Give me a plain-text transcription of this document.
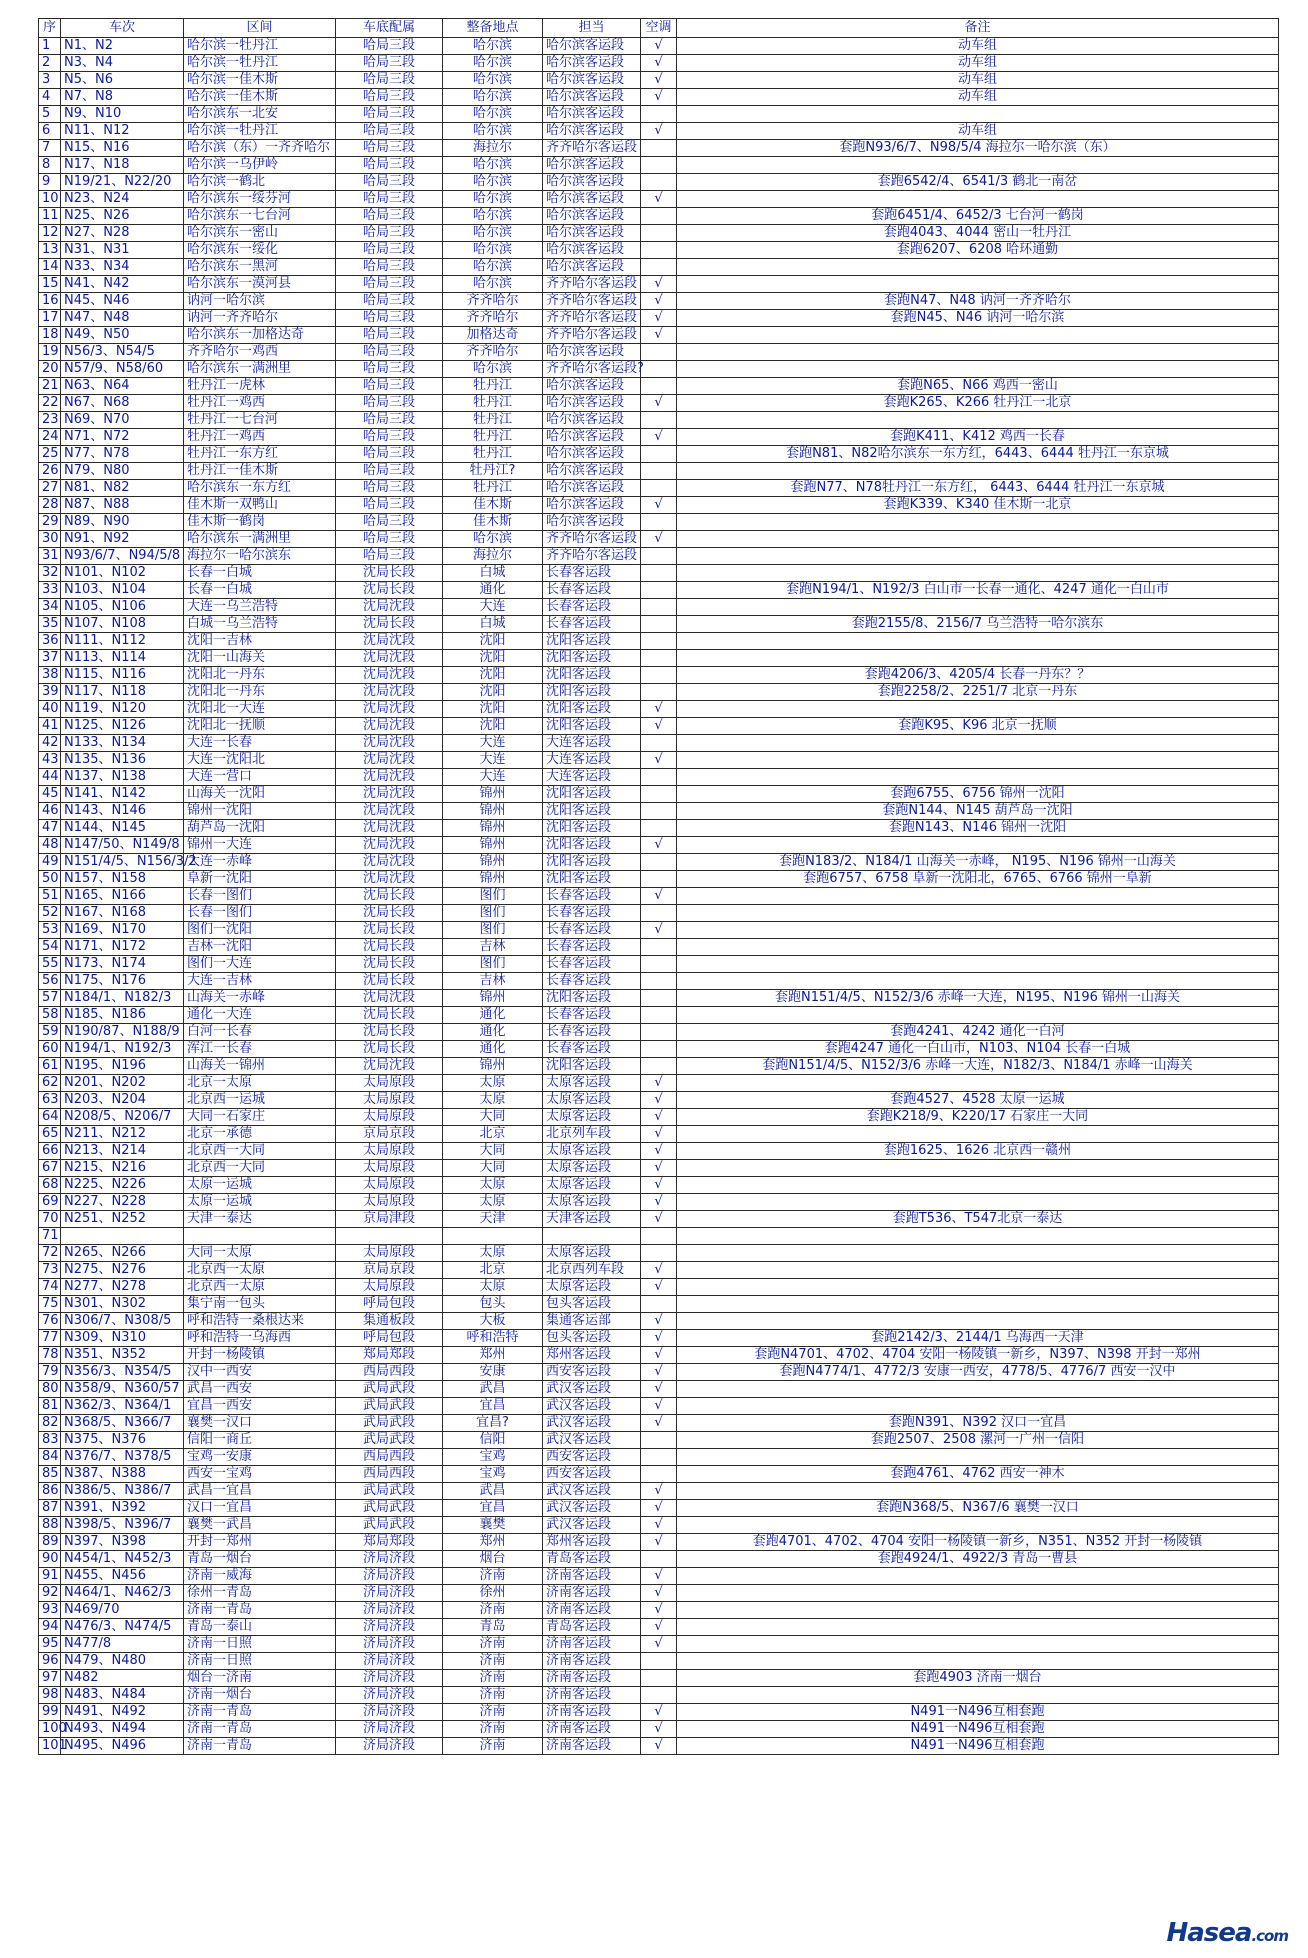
序	车次	区间	车底配属	整备地点	担当	空调	备注
1	N1、N2	哈尔滨一牡丹江	哈局三段	哈尔滨	哈尔滨客运段	√	动车组
2	N3、N4	哈尔滨一牡丹江	哈局三段	哈尔滨	哈尔滨客运段	√	动车组
3	N5、N6	哈尔滨一佳木斯	哈局三段	哈尔滨	哈尔滨客运段	√	动车组
4	N7、N8	哈尔滨一佳木斯	哈局三段	哈尔滨	哈尔滨客运段	√	动车组
5	N9、N10	哈尔滨东一北安	哈局三段	哈尔滨	哈尔滨客运段		
6	N11、N12	哈尔滨一牡丹江	哈局三段	哈尔滨	哈尔滨客运段	√	动车组
7	N15、N16	哈尔滨（东）一齐齐哈尔	哈局三段	海拉尔	齐齐哈尔客运段		套跑N93/6/7、N98/5/4 海拉尔一哈尔滨（东）
8	N17、N18	哈尔滨一乌伊岭	哈局三段	哈尔滨	哈尔滨客运段		
9	N19/21、N22/20	哈尔滨一鹤北	哈局三段	哈尔滨	哈尔滨客运段		套跑6542/4、6541/3 鹤北一南岔
10	N23、N24	哈尔滨东一绥芬河	哈局三段	哈尔滨	哈尔滨客运段	√	
11	N25、N26	哈尔滨东一七台河	哈局三段	哈尔滨	哈尔滨客运段		套跑6451/4、6452/3 七台河一鹤岗
12	N27、N28	哈尔滨东一密山	哈局三段	哈尔滨	哈尔滨客运段		套跑4043、4044 密山一牡丹江
13	N31、N31	哈尔滨东一绥化	哈局三段	哈尔滨	哈尔滨客运段		套跑6207、6208 哈环通勤
14	N33、N34	哈尔滨东一黑河	哈局三段	哈尔滨	哈尔滨客运段		
15	N41、N42	哈尔滨东一漠河县	哈局三段	哈尔滨	齐齐哈尔客运段	√	
16	N45、N46	讷河一哈尔滨	哈局三段	齐齐哈尔	齐齐哈尔客运段	√	套跑N47、N48 讷河一齐齐哈尔
17	N47、N48	讷河一齐齐哈尔	哈局三段	齐齐哈尔	齐齐哈尔客运段	√	套跑N45、N46 讷河一哈尔滨
18	N49、N50	哈尔滨东一加格达奇	哈局三段	加格达奇	齐齐哈尔客运段	√	
19	N56/3、N54/5	齐齐哈尔一鸡西	哈局三段	齐齐哈尔	哈尔滨客运段		
20	N57/9、N58/60	哈尔滨东一满洲里	哈局三段	哈尔滨	齐齐哈尔客运段?		
21	N63、N64	牡丹江一虎林	哈局三段	牡丹江	哈尔滨客运段		套跑N65、N66 鸡西一密山
22	N67、N68	牡丹江一鸡西	哈局三段	牡丹江	哈尔滨客运段	√	套跑K265、K266 牡丹江一北京
23	N69、N70	牡丹江一七台河	哈局三段	牡丹江	哈尔滨客运段		
24	N71、N72	牡丹江一鸡西	哈局三段	牡丹江	哈尔滨客运段	√	套跑K411、K412 鸡西一长春
25	N77、N78	牡丹江一东方红	哈局三段	牡丹江	哈尔滨客运段		套跑N81、N82哈尔滨东一东方红，6443、6444 牡丹江一东京城
26	N79、N80	牡丹江一佳木斯	哈局三段	牡丹江?	哈尔滨客运段		
27	N81、N82	哈尔滨东一东方红	哈局三段	牡丹江	哈尔滨客运段		套跑N77、N78牡丹江一东方红， 6443、6444 牡丹江一东京城
28	N87、N88	佳木斯一双鸭山	哈局三段	佳木斯	哈尔滨客运段	√	套跑K339、K340 佳木斯一北京
29	N89、N90	佳木斯一鹤岗	哈局三段	佳木斯	哈尔滨客运段		
30	N91、N92	哈尔滨东一满洲里	哈局三段	哈尔滨	齐齐哈尔客运段	√	
31	N93/6/7、N94/5/8	海拉尔一哈尔滨东	哈局三段	海拉尔	齐齐哈尔客运段		
32	N101、N102	长春一白城	沈局长段	白城	长春客运段		
33	N103、N104	长春一白城	沈局长段	通化	长春客运段		套跑N194/1、N192/3 白山市一长春一通化、4247 通化一白山市
34	N105、N106	大连一乌兰浩特	沈局沈段	大连	长春客运段		
35	N107、N108	白城一乌兰浩特	沈局长段	白城	长春客运段		套跑2155/8、2156/7 乌兰浩特一哈尔滨东
36	N111、N112	沈阳一吉林	沈局沈段	沈阳	沈阳客运段		
37	N113、N114	沈阳一山海关	沈局沈段	沈阳	沈阳客运段		
38	N115、N116	沈阳北一丹东	沈局沈段	沈阳	沈阳客运段		套跑4206/3、4205/4 长春一丹东？？
39	N117、N118	沈阳北一丹东	沈局沈段	沈阳	沈阳客运段		套跑2258/2、2251/7 北京一丹东
40	N119、N120	沈阳北一大连	沈局沈段	沈阳	沈阳客运段	√	
41	N125、N126	沈阳北一抚顺	沈局沈段	沈阳	沈阳客运段	√	套跑K95、K96 北京一抚顺
42	N133、N134	大连一长春	沈局沈段	大连	大连客运段		
43	N135、N136	大连一沈阳北	沈局沈段	大连	大连客运段	√	
44	N137、N138	大连一营口	沈局沈段	大连	大连客运段		
45	N141、N142	山海关一沈阳	沈局沈段	锦州	沈阳客运段		套跑6755、6756 锦州一沈阳
46	N143、N146	锦州一沈阳	沈局沈段	锦州	沈阳客运段		套跑N144、N145 葫芦岛一沈阳
47	N144、N145	葫芦岛一沈阳	沈局沈段	锦州	沈阳客运段		套跑N143、N146 锦州一沈阳
48	N147/50、N149/8	锦州一大连	沈局沈段	锦州	沈阳客运段	√	
49	N151/4/5、N156/3/2	大连一赤峰	沈局沈段	锦州	沈阳客运段		套跑N183/2、N184/1 山海关一赤峰， N195、N196 锦州一山海关
50	N157、N158	阜新一沈阳	沈局沈段	锦州	沈阳客运段		套跑6757、6758 阜新一沈阳北，6765、6766 锦州一阜新
51	N165、N166	长春一图们	沈局长段	图们	长春客运段	√	
52	N167、N168	长春一图们	沈局长段	图们	长春客运段		
53	N169、N170	图们一沈阳	沈局长段	图们	长春客运段	√	
54	N171、N172	吉林一沈阳	沈局长段	吉林	长春客运段		
55	N173、N174	图们一大连	沈局长段	图们	长春客运段		
56	N175、N176	大连一吉林	沈局长段	吉林	长春客运段		
57	N184/1、N182/3	山海关一赤峰	沈局沈段	锦州	沈阳客运段		套跑N151/4/5、N152/3/6 赤峰一大连，N195、N196 锦州一山海关
58	N185、N186	通化一大连	沈局长段	通化	长春客运段		
59	N190/87、N188/9	白河一长春	沈局长段	通化	长春客运段		套跑4241、4242 通化一白河
60	N194/1、N192/3	浑江一长春	沈局长段	通化	长春客运段		套跑4247 通化一白山市，N103、N104 长春一白城
61	N195、N196	山海关一锦州	沈局沈段	锦州	沈阳客运段		套跑N151/4/5、N152/3/6 赤峰一大连，N182/3、N184/1 赤峰一山海关
62	N201、N202	北京一太原	太局原段	太原	太原客运段	√	
63	N203、N204	北京西一运城	太局原段	太原	太原客运段	√	套跑4527、4528 太原一运城
64	N208/5、N206/7	大同一石家庄	太局原段	大同	太原客运段	√	套跑K218/9、K220/17 石家庄一大同
65	N211、N212	北京一承德	京局京段	北京	北京列车段	√	
66	N213、N214	北京西一大同	太局原段	大同	太原客运段	√	套跑1625、1626 北京西一赣州
67	N215、N216	北京西一大同	太局原段	大同	太原客运段	√	
68	N225、N226	太原一运城	太局原段	太原	太原客运段	√	
69	N227、N228	太原一运城	太局原段	太原	太原客运段	√	
70	N251、N252	天津一泰达	京局津段	天津	天津客运段	√	套跑T536、T547北京一泰达
71							
72	N265、N266	大同一太原	太局原段	太原	太原客运段		
73	N275、N276	北京西一太原	京局京段	北京	北京西列车段	√	
74	N277、N278	北京西一太原	太局原段	太原	太原客运段	√	
75	N301、N302	集宁南一包头	呼局包段	包头	包头客运段		
76	N306/7、N308/5	呼和浩特一桑根达来	集通板段	大板	集通客运部	√	
77	N309、N310	呼和浩特一乌海西	呼局包段	呼和浩特	包头客运段	√	套跑2142/3、2144/1 乌海西一天津
78	N351、N352	开封一杨陵镇	郑局郑段	郑州	郑州客运段	√	套跑N4701、4702、4704 安阳一杨陵镇一新乡，N397、N398 开封一郑州
79	N356/3、N354/5	汉中一西安	西局西段	安康	西安客运段	√	套跑N4774/1、4772/3 安康一西安，4778/5、4776/7 西安一汉中
80	N358/9、N360/57	武昌一西安	武局武段	武昌	武汉客运段	√	
81	N362/3、N364/1	宜昌一西安	武局武段	宜昌	武汉客运段	√	
82	N368/5、N366/7	襄樊一汉口	武局武段	宜昌?	武汉客运段	√	套跑N391、N392 汉口一宜昌
83	N375、N376	信阳一商丘	武局武段	信阳	武汉客运段		套跑2507、2508 漯河一广州一信阳
84	N376/7、N378/5	宝鸡一安康	西局西段	宝鸡	西安客运段		
85	N387、N388	西安一宝鸡	西局西段	宝鸡	西安客运段		套跑4761、4762 西安一神木
86	N386/5、N386/7	武昌一宜昌	武局武段	武昌	武汉客运段	√	
87	N391、N392	汉口一宜昌	武局武段	宜昌	武汉客运段	√	套跑N368/5、N367/6 襄樊一汉口
88	N398/5、N396/7	襄樊一武昌	武局武段	襄樊	武汉客运段	√	
89	N397、N398	开封一郑州	郑局郑段	郑州	郑州客运段	√	套跑4701、4702、4704 安阳一杨陵镇一新乡，N351、N352 开封一杨陵镇
90	N454/1、N452/3	青岛一烟台	济局济段	烟台	青岛客运段		套跑4924/1、4922/3 青岛一曹县
91	N455、N456	济南一威海	济局济段	济南	济南客运段	√	
92	N464/1、N462/3	徐州一青岛	济局济段	徐州	济南客运段	√	
93	N469/70	济南一青岛	济局济段	济南	济南客运段	√	
94	N476/3、N474/5	青岛一泰山	济局济段	青岛	青岛客运段	√	
95	N477/8	济南一日照	济局济段	济南	济南客运段	√	
96	N479、N480	济南一日照	济局济段	济南	济南客运段		
97	N482	烟台一济南	济局济段	济南	济南客运段		套跑4903 济南一烟台
98	N483、N484	济南一烟台	济局济段	济南	济南客运段		
99	N491、N492	济南一青岛	济局济段	济南	济南客运段	√	N491一N496互相套跑
100	N493、N494	济南一青岛	济局济段	济南	济南客运段	√	N491一N496互相套跑
101	N495、N496	济南一青岛	济局济段	济南	济南客运段	√	N491一N496互相套跑
Hasea.com
